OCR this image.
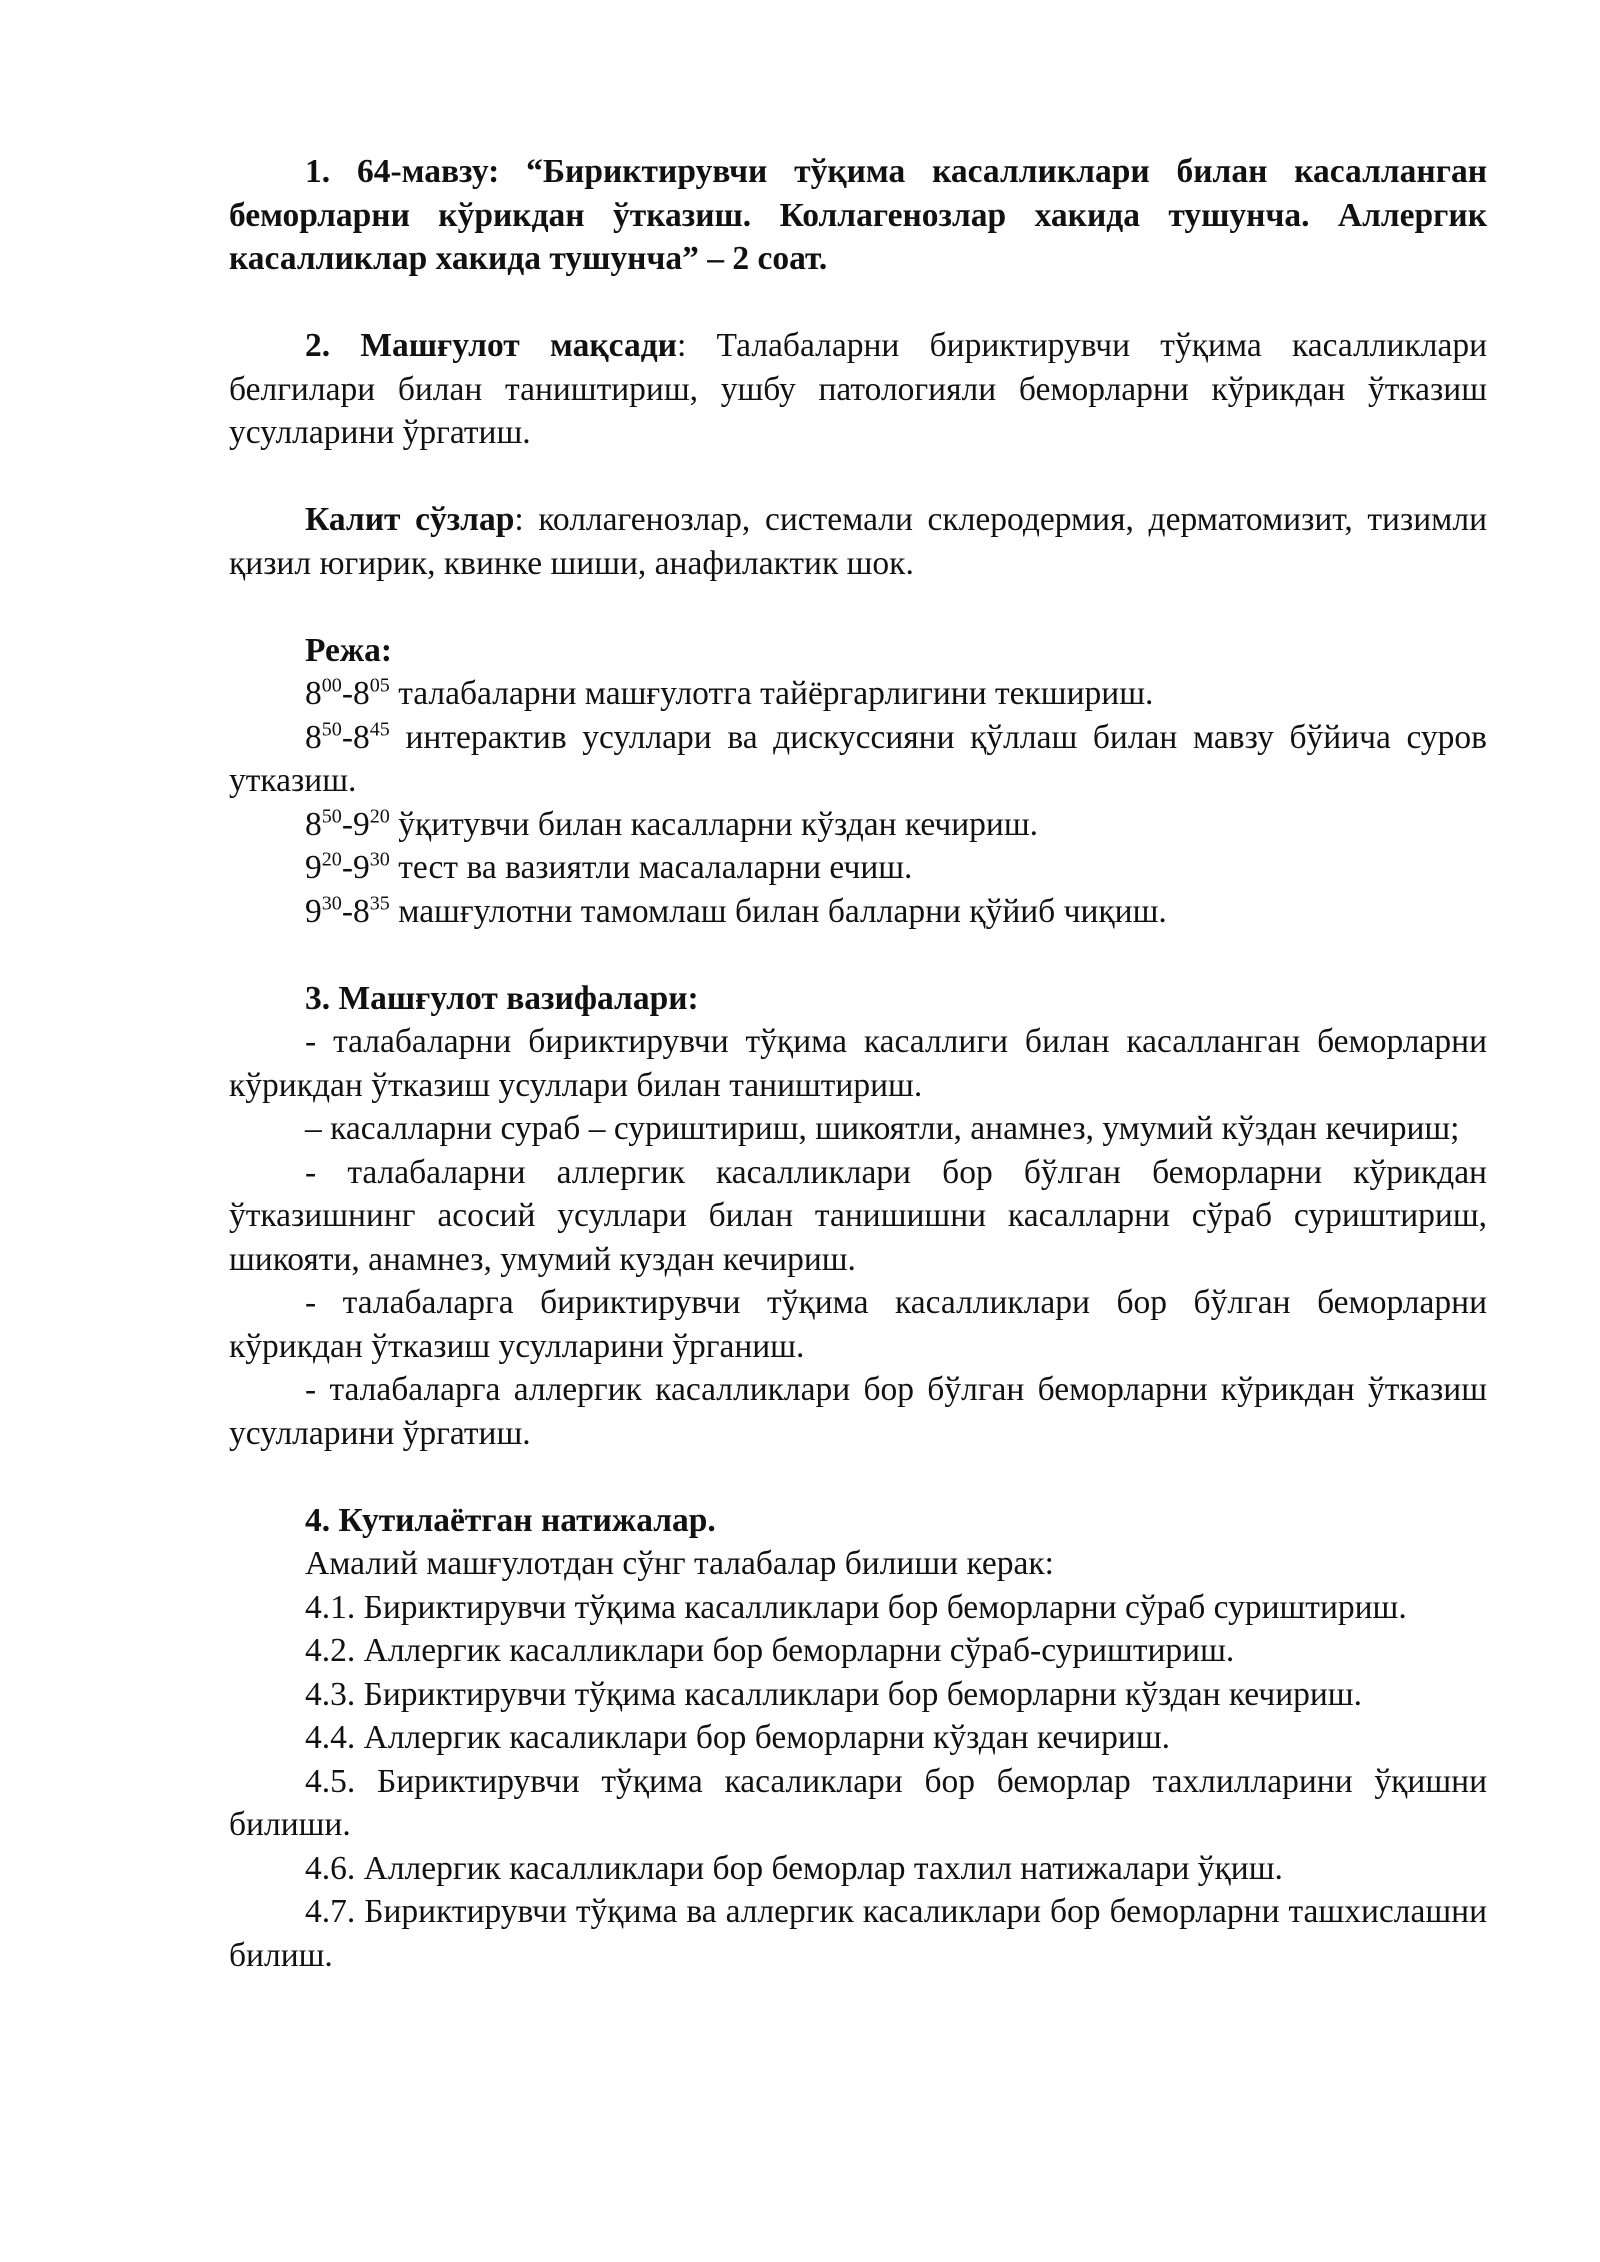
1. 64-мавзу: “Бириктирувчи тўқима касалликлари билан касалланган беморларни кўрикдан ўтказиш. Коллагенозлар хакида тушунча. Аллергик касалликлар хакида тушунча” – 2 соат.

2. Машғулот мақсади: Талабаларни бириктирувчи тўқима касалликлари белгилари билан таништириш, ушбу патологияли беморларни кўрикдан ўтказиш усулларини ўргатиш.

Калит сўзлар: коллагенозлар, системали склеродермия, дерматомизит, тизимли қизил югирик, квинке шиши, анафилактик шок.

Режа:

$8^{00}-8^{05}$ талабаларни машғулотга тайёргарлигини текшириш.

$8^{50}-8^{45}$ интерактив усуллари ва дискуссияни қўллаш билан мавзу бўйича суров утказиш.

$8^{50}-9^{20}$ ўқитувчи билан касалларни кўздан кечириш.

$9^{20}-9^{30}$ тест ва вазиятли масалаларни ечиш.

$9^{30}-8^{35}$ машғулотни тамомлаш билан балларни қўйиб чиқиш.

3. Машғулот вазифалари:

- талабаларни бириктирувчи тўқима касаллиги билан касалланган беморларни кўрикдан ўтказиш усуллари билан таништириш.

– касалларни сураб – суриштириш, шикоятли, анамнез, умумий кўздан кечириш;

- талабаларни аллергик касалликлари бор бўлган беморларни кўрикдан ўтказишнинг асосий усуллари билан танишишни касалларни сўраб суриштириш, шикояти, анамнез, умумий куздан кечириш.

- талабаларга бириктирувчи тўқима касалликлари бор бўлган беморларни кўрикдан ўтказиш усулларини ўрганиш.

- талабаларга аллергик касалликлари бор бўлган беморларни кўрикдан ўтказиш усулларини ўргатиш.

4. Кутилаётган натижалар.

Амалий машғулотдан сўнг талабалар билиши керак:

4.1. Бириктирувчи тўқима касалликлари бор беморларни сўраб суриштириш.

4.2. Аллергик касалликлари бор беморларни сўраб-суриштириш.

4.3. Бириктирувчи тўқима касалликлари бор беморларни кўздан кечириш.

4.4. Аллергик касаликлари бор беморларни кўздан кечириш.

4.5. Бириктирувчи тўқима касаликлари бор беморлар тахлилларини ўқишни билиши.

4.6. Аллергик касалликлари бор беморлар тахлил натижалари ўқиш.

4.7. Бириктирувчи тўқима ва аллергик касаликлари бор беморларни ташхислашни билиш.
